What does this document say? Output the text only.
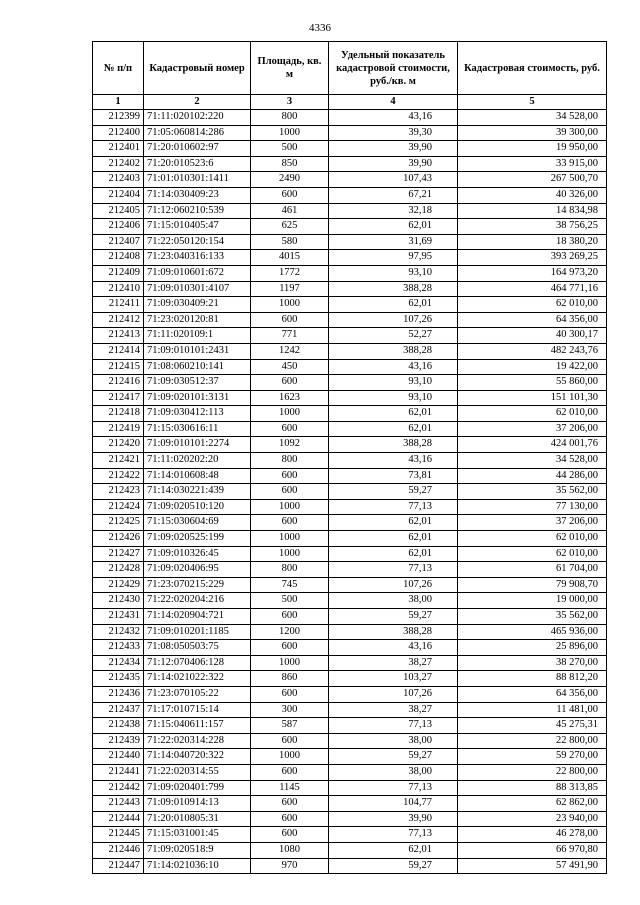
4336
№ п/п	Кадастровый номер	Площадь, кв. м	Удельный показатель кадастровой стоимости, руб./кв. м	Кадастровая стоимость, руб.
1	2	3	4	5
212399	71:11:020102:220	800	43,16	34 528,00
212400	71:05:060814:286	1000	39,30	39 300,00
212401	71:20:010602:97	500	39,90	19 950,00
212402	71:20:010523:6	850	39,90	33 915,00
212403	71:01:010301:1411	2490	107,43	267 500,70
212404	71:14:030409:23	600	67,21	40 326,00
212405	71:12:060210:539	461	32,18	14 834,98
212406	71:15:010405:47	625	62,01	38 756,25
212407	71:22:050120:154	580	31,69	18 380,20
212408	71:23:040316:133	4015	97,95	393 269,25
212409	71:09:010601:672	1772	93,10	164 973,20
212410	71:09:010301:4107	1197	388,28	464 771,16
212411	71:09:030409:21	1000	62,01	62 010,00
212412	71:23:020120:81	600	107,26	64 356,00
212413	71:11:020109:1	771	52,27	40 300,17
212414	71:09:010101:2431	1242	388,28	482 243,76
212415	71:08:060210:141	450	43,16	19 422,00
212416	71:09:030512:37	600	93,10	55 860,00
212417	71:09:020101:3131	1623	93,10	151 101,30
212418	71:09:030412:113	1000	62,01	62 010,00
212419	71:15:030616:11	600	62,01	37 206,00
212420	71:09:010101:2274	1092	388,28	424 001,76
212421	71:11:020202:20	800	43,16	34 528,00
212422	71:14:010608:48	600	73,81	44 286,00
212423	71:14:030221:439	600	59,27	35 562,00
212424	71:09:020510:120	1000	77,13	77 130,00
212425	71:15:030604:69	600	62,01	37 206,00
212426	71:09:020525:199	1000	62,01	62 010,00
212427	71:09:010326:45	1000	62,01	62 010,00
212428	71:09:020406:95	800	77,13	61 704,00
212429	71:23:070215:229	745	107,26	79 908,70
212430	71:22:020204:216	500	38,00	19 000,00
212431	71:14:020904:721	600	59,27	35 562,00
212432	71:09:010201:1185	1200	388,28	465 936,00
212433	71:08:050503:75	600	43,16	25 896,00
212434	71:12:070406:128	1000	38,27	38 270,00
212435	71:14:021022:322	860	103,27	88 812,20
212436	71:23:070105:22	600	107,26	64 356,00
212437	71:17:010715:14	300	38,27	11 481,00
212438	71:15:040611:157	587	77,13	45 275,31
212439	71:22:020314:228	600	38,00	22 800,00
212440	71:14:040720:322	1000	59,27	59 270,00
212441	71:22:020314:55	600	38,00	22 800,00
212442	71:09:020401:799	1145	77,13	88 313,85
212443	71:09:010914:13	600	104,77	62 862,00
212444	71:20:010805:31	600	39,90	23 940,00
212445	71:15:031001:45	600	77,13	46 278,00
212446	71:09:020518:9	1080	62,01	66 970,80
212447	71:14:021036:10	970	59,27	57 491,90
